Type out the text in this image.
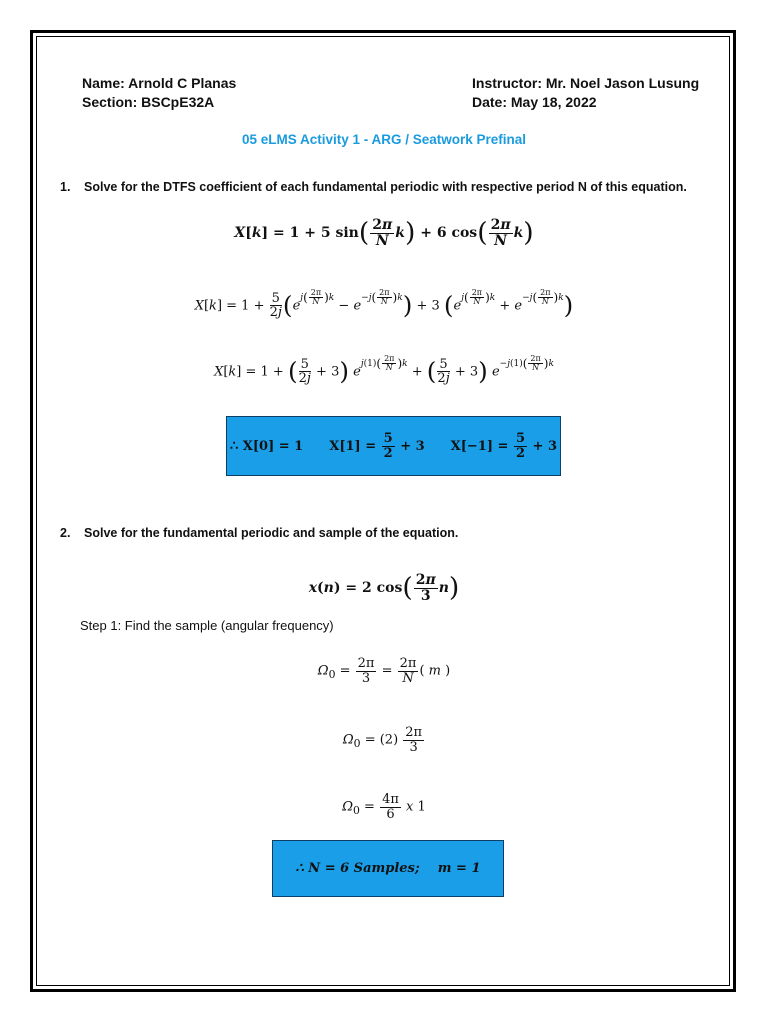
Name: Arnold C Planas
Section: BSCpE32A
Instructor: Mr. Noel Jason Lusung
Date: May 18, 2022
05 eLMS Activity 1 - ARG / Seatwork Prefinal
1. Solve for the DTFS coefficient of each fundamental periodic with respective period N of this equation.
X[k] = 1 + 5 $\sin( \frac{2\pi}{N} k) + 6$ $\cos( \frac{2\pi}{N} k)$
$X[k] = 1 + \frac{5}{2j} (e^{j( \frac{2\pi}{N} )k} - e^{-j( \frac{2\pi}{N} )k}) + 3$ $(e^{j( \frac{2\pi}{N} )k} + e^{-j( \frac{2\pi}{N} )k})$
X[k] = 1 + ( $\frac{5}{2j} + 3$) $e^{j(1)( \frac{2\pi}{N} )k}$ + ( $\frac{5}{2j} + 3$) $e^{-j(1)( \frac{2\pi}{N} )k}$
∴ X[0] = 1 X[1] =
$\frac{5}{2}$
+ 3 X[−1] =
$\frac{5}{2}$
+ 3
2. Solve for the fundamental periodic and sample of the equation.
x(n) = 2 $\cos( \frac{2\pi}{3} n)$
Step 1: Find the sample (angular frequency)
$\Omega_0 = \frac{2\pi}{3} = \frac{2\pi}{N}$ ( m )
$\Omega_0 = (2) \frac{2\pi}{3}$
$\Omega_0 = \frac{4\pi}{6}$ x 1
∴ N = 6 Samples;    m = 1
